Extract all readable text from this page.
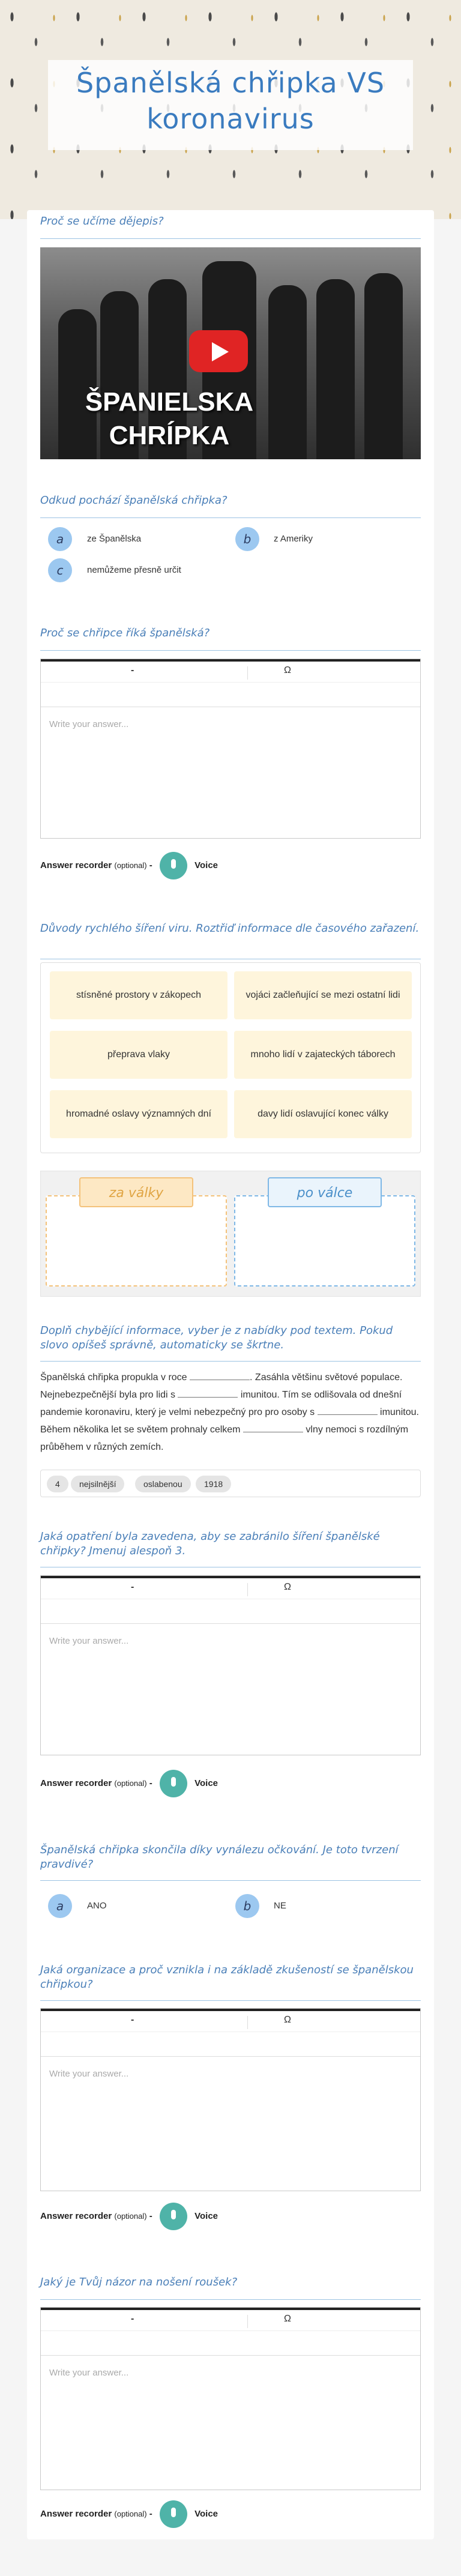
Španělská chřipka VS koronavirus
Proč se učíme dějepis?
ŠPANIELSKA CHRÍPKA
Odkud pochází španělská chřipka?
a	ze Španělska	b	z Ameriky
c	nemůžeme přesně určit
Proč se chřipce říká španělská?
-	Ω
Write your answer...
Answer recorder (optional) -	Voice
Důvody rychlého šíření viru. Roztřiď informace dle časového zařazení.
stísněné prostory v zákopech	vojáci začleňující se mezi ostatní lidi
přeprava vlaky	mnoho lidí v zajateckých táborech
hromadné oslavy významných dní	davy lidí oslavující konec války
za války	po válce
Doplň chybějící informace, vyber je z nabídky pod textem. Pokud slovo opíšeš správně, automaticky se škrtne.
Španělská chřipka propukla v roce	. Zasáhla většinu světové populace. Nejnebezpečnější byla pro lidi s	imunitou. Tím se odlišovala od dnešní pandemie koronaviru, který je velmi nebezpečný pro pro osoby s	imunitou. Během několika let se světem prohnaly celkem	vlny nemoci s rozdílným průběhem v různých zemích.
4	nejsilnější	oslabenou	1918
Jaká opatření byla zavedena, aby se zabránilo šíření španělské chřipky? Jmenuj alespoň 3.
-	Ω
Write your answer...
Answer recorder (optional) -	Voice
Španělská chřipka skončila díky vynálezu očkování. Je toto tvrzení pravdivé?
a	ANO	b	NE
Jaká organizace a proč vznikla i na základě zkušeností se španělskou chřipkou?
-	Ω
Write your answer...
Answer recorder (optional) -	Voice
Jaký je Tvůj názor na nošení roušek?
-	Ω
Write your answer...
Answer recorder (optional) -	Voice
